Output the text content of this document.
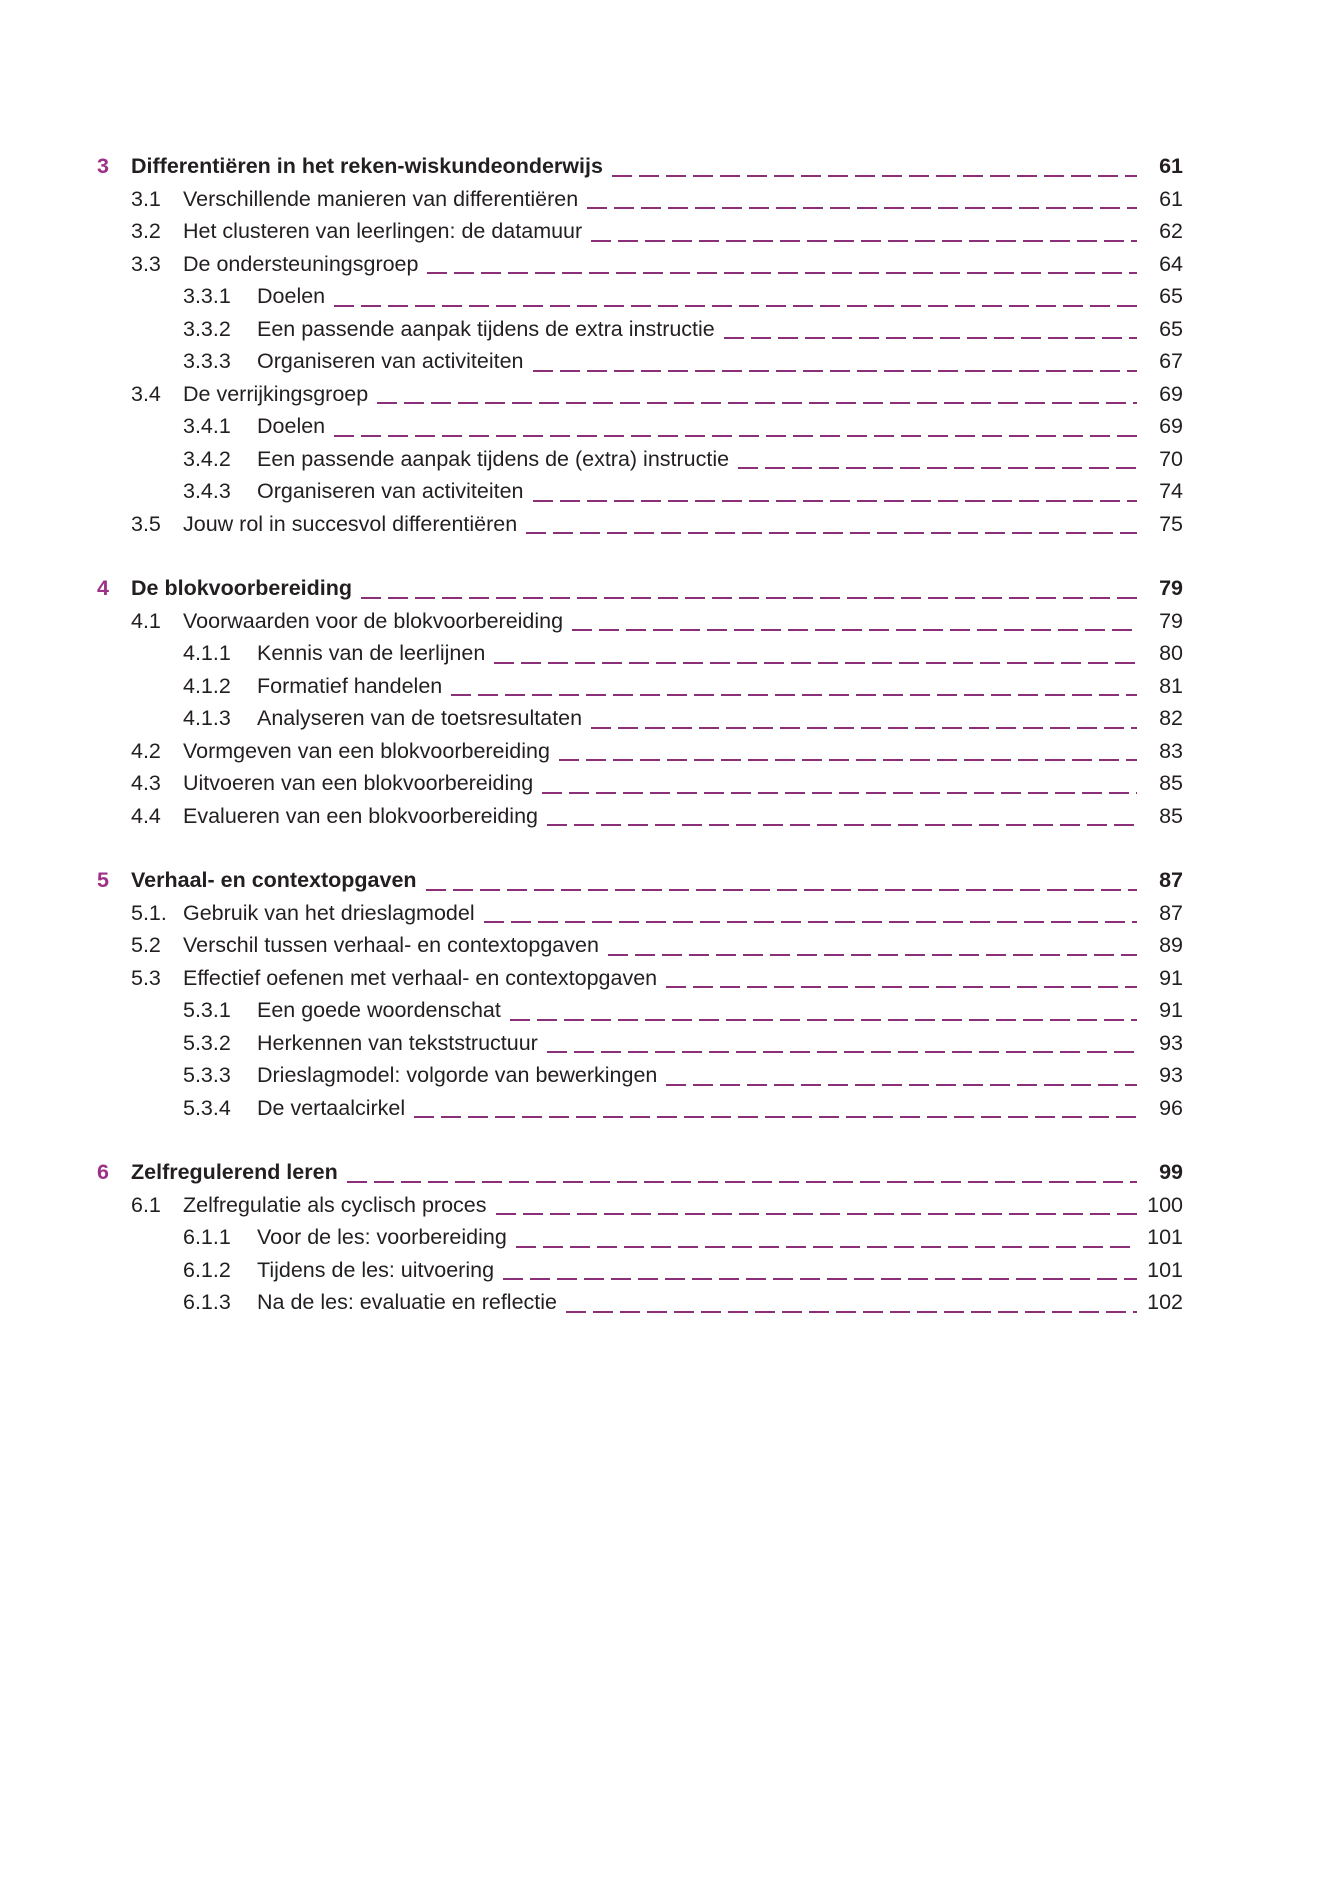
3	Differentiëren in het reken-wiskundeonderwijs	61
3.1	Verschillende manieren van differentiëren	61
3.2	Het clusteren van leerlingen: de datamuur	62
3.3	De ondersteuningsgroep	64
3.3.1	Doelen	65
3.3.2	Een passende aanpak tijdens de extra instructie	65
3.3.3	Organiseren van activiteiten	67
3.4	De verrijkingsgroep	69
3.4.1	Doelen	69
3.4.2	Een passende aanpak tijdens de (extra) instructie	70
3.4.3	Organiseren van activiteiten	74
3.5	Jouw rol in succesvol differentiëren	75
4	De blokvoorbereiding	79
4.1	Voorwaarden voor de blokvoorbereiding	79
4.1.1	Kennis van de leerlijnen	80
4.1.2	Formatief handelen	81
4.1.3	Analyseren van de toetsresultaten	82
4.2	Vormgeven van een blokvoorbereiding	83
4.3	Uitvoeren van een blokvoorbereiding	85
4.4	Evalueren van een blokvoorbereiding	85
5	Verhaal- en contextopgaven	87
5.1. Gebruik van het drieslagmodel	87
5.2	Verschil tussen verhaal- en contextopgaven	89
5.3	Effectief oefenen met verhaal- en contextopgaven	91
5.3.1	Een goede woordenschat	91
5.3.2	Herkennen van tekststructuur	93
5.3.3	Drieslagmodel: volgorde van bewerkingen	93
5.3.4	De vertaalcirkel	96
6	Zelfregulerend leren	99
6.1	Zelfregulatie als cyclisch proces	100
6.1.1	Voor de les: voorbereiding	101
6.1.2	Tijdens de les: uitvoering	101
6.1.3	Na de les: evaluatie en reflectie	102
